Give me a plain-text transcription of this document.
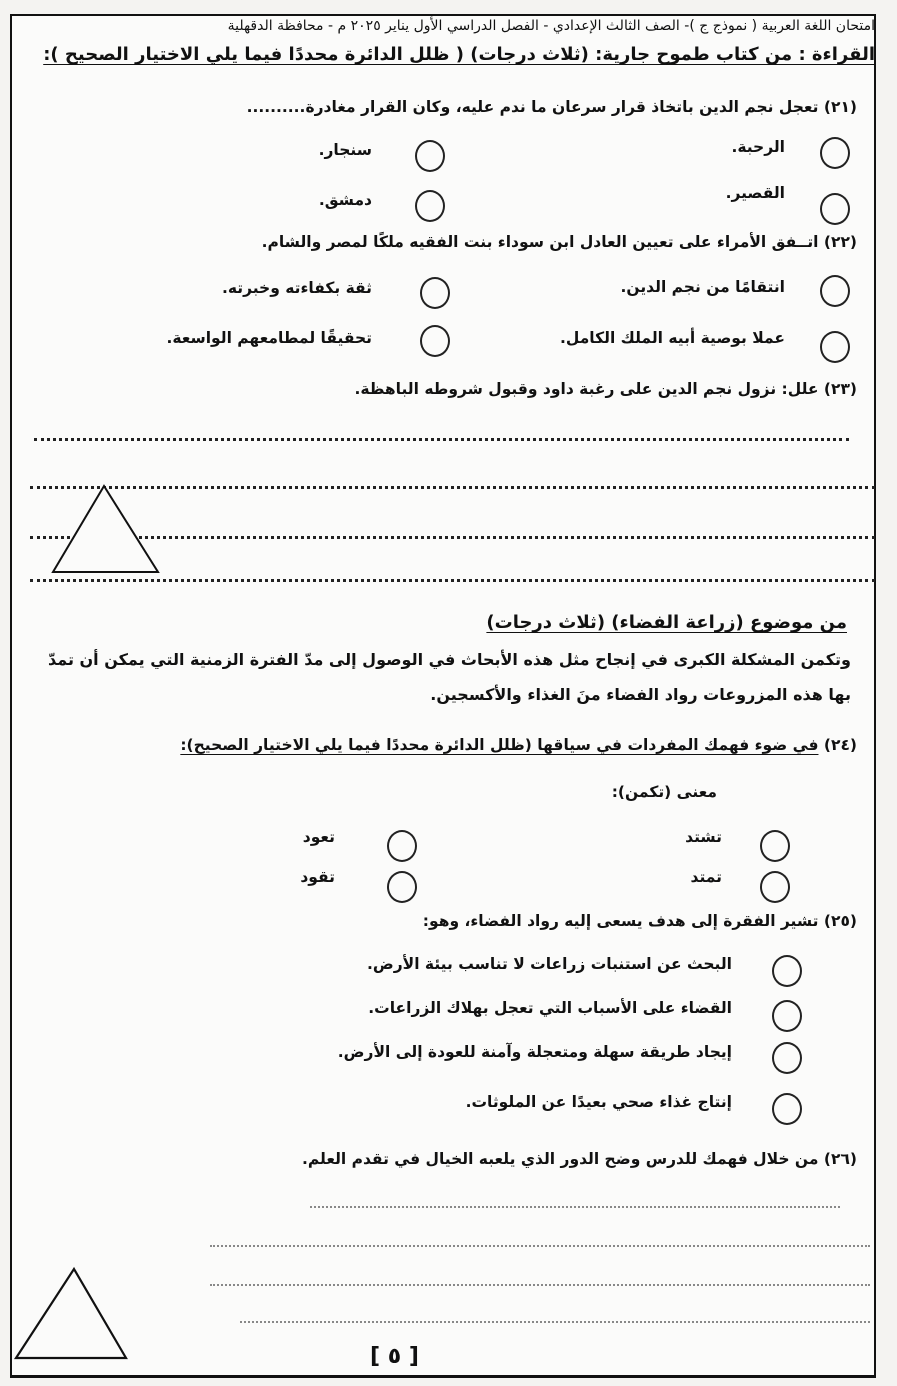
امتحان اللغة العربية ( نموذج ج )- الصف الثالث الإعدادي - الفصل الدراسي الأول يناير ٢٠٢٥ م - محافظة الدقهلية
القراءة : من كتاب طموح جارية: (ثلاث درجات) ( ظلل الدائرة محددًا فيما يلي الاختيار الصحيح ):
(٢١) تعجل نجم الدين باتخاذ قرار سرعان ما ندم عليه، وكان القرار مغادرة..........
الرحبة.
سنجار.
القصير.
دمشق.
(٢٢) اتــفق الأمراء على تعيين العادل ابن سوداء بنت الفقيه ملكًا لمصر والشام.
انتقامًا من نجم الدين.
ثقة بكفاءته وخبرته.
عملا بوصية أبيه الملك الكامل.
تحقيقًا لمطامعهم الواسعة.
(٢٣) علل: نزول نجم الدين على رغبة داود وقبول شروطه الباهظة.
من موضوع (زراعة الفضاء) (ثلاث درجات)
وتكمن المشكلة الكبرى في إنجاح مثل هذه الأبحاث في الوصول إلى مدّ الفترة الزمنية التي يمكن أن تمدّ
بها هذه المزروعات رواد الفضاء منَ الغذاء والأكسجين.
(٢٤) في ضوء فهمك المفردات في سياقها (ظلل الدائرة محددًا فيما يلي الاختيار الصحيح):
معنى (تكمن):
تشتد
تعود
تمتد
تقود
(٢٥) تشير الفقرة إلى هدف يسعى إليه رواد الفضاء، وهو:
البحث عن استنبات زراعات لا تناسب بيئة الأرض.
القضاء على الأسباب التي تعجل بهلاك الزراعات.
إيجاد طريقة سهلة ومتعجلة وآمنة للعودة إلى الأرض.
إنتاج غذاء صحي بعيدًا عن الملوثات.
(٢٦) من خلال فهمك للدرس وضح الدور الذي يلعبه الخيال في تقدم العلم.
[ ٥ ]
